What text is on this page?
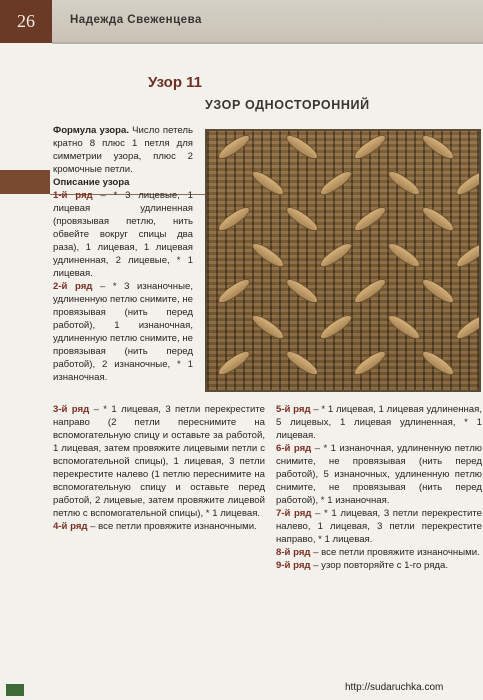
26	Надежда Свеженцева
Узор 11
УЗОР ОДНОСТОРОННИЙ

Формула узора. Число петель кратно 8 плюс 1 петля для симметрии узора, плюс 2 кромочные петли.

Описание узора

1-й ряд – * 3 лицевые, 1 лицевая удлиненная (провязывая петлю, нить обвейте вокруг спицы два раза), 1 лицевая, 1 лицевая удлиненная, 2 лицевые, * 1 лицевая.

2-й ряд – * 3 изнаночные, удлиненную петлю снимите, не провязывая (нить перед работой), 1 изнаночная, удлиненную петлю снимите, не провязывая (нить перед работой), 2 изнаночные, * 1 изнаночная.

3-й ряд – * 1 лицевая, 3 петли перекрестите направо (2 петли переснимите на вспомогательную спицу и оставьте за работой, 1 лицевая, затем провяжите лицевыми петли с вспомогательной спицы), 1 лицевая, 3 петли перекрестите налево (1 петлю переснимите на вспомогательную спицу и оставьте перед работой, 2 лицевые, затем провяжите лицевой петлю с вспомогательной спицы), * 1 лицевая.

4-й ряд – все петли провяжите изнаночными.

5-й ряд – * 1 лицевая, 1 лицевая удлиненная, 5 лицевых, 1 лицевая удлиненная, * 1 лицевая.

6-й ряд – * 1 изнаночная, удлиненную петлю снимите, не провязывая (нить перед работой), 5 изнаночных, удлиненную петлю снимите, не провязывая (нить перед работой), * 1 изнаночная.

7-й ряд – * 1 лицевая, 3 петли перекрестите налево, 1 лицевая, 3 петли перекрестите направо, * 1 лицевая.

8-й ряд – все петли провяжите изнаночными.

9-й ряд – узор повторяйте с 1-го ряда.

http://sudaruchka.com
